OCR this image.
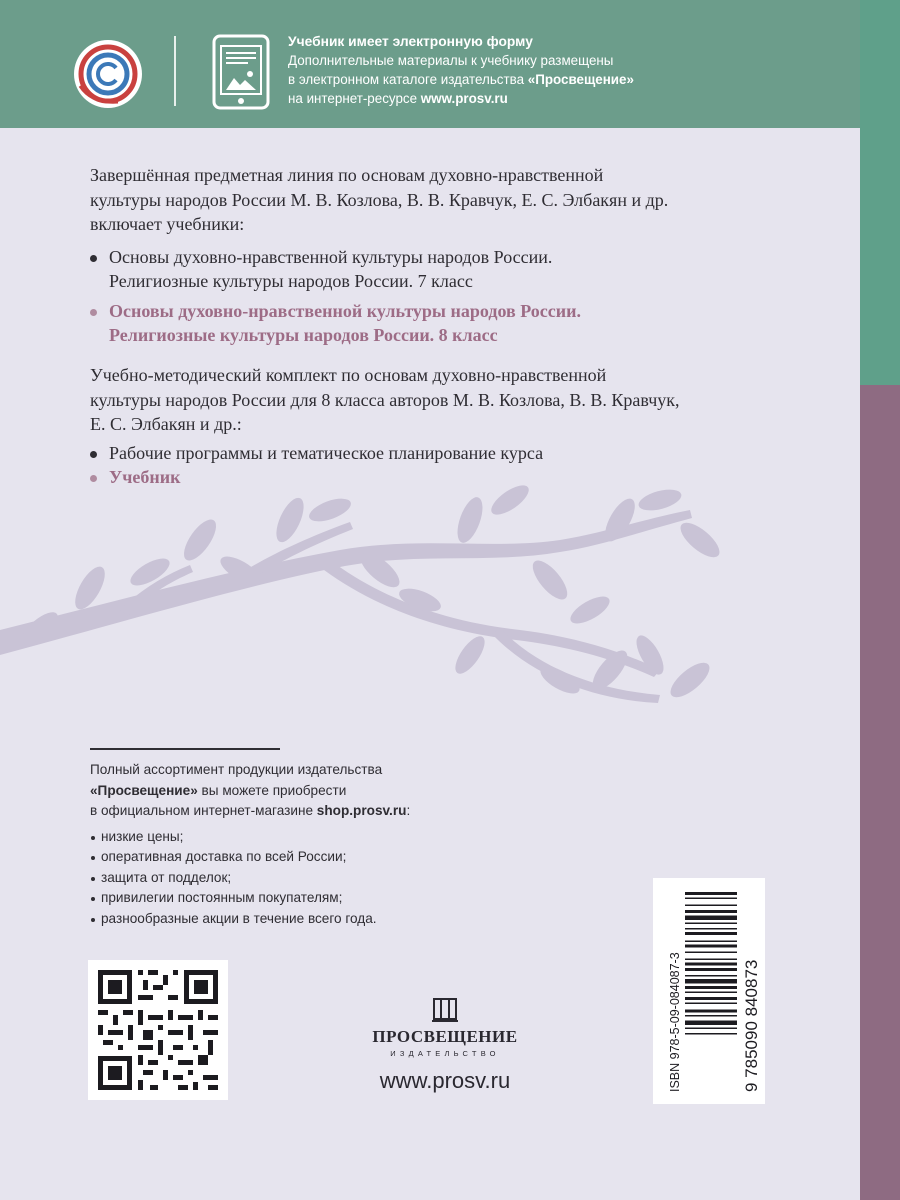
Учебник имеет электронную форму
Дополнительные материалы к учебнику размещены
в электронном каталоге издательства «Просвещение»
на интернет-ресурсе www.prosv.ru

Завершённая предметная линия по основам духовно-нравственной

культуры народов России М. В. Козлова, В. В. Кравчук, Е. С. Элбакян и др.

включает учебники:

Основы духовно-нравственной культуры народов России.
Религиозные культуры народов России. 7 класс
Основы духовно-нравственной культуры народов России.
Религиозные культуры народов России. 8 класс

Учебно-методический комплект по основам духовно-нравственной

культуры народов России для 8 класса авторов М. В. Козлова, В. В. Кравчук,

Е. С. Элбакян и др.:

Рабочие программы и тематическое планирование курса
Учебник
Полный ассортимент продукции издательства
«Просвещение» вы можете приобрести
в официальном интернет-магазине shop.prosv.ru:
низкие цены;
оперативная доставка по всей России;
защита от подделок;
привилегии постоянным покупателям;
разнообразные акции в течение всего года.
ПРОСВЕЩЕНИЕ
ИЗДАТЕЛЬСТВО
www.prosv.ru	ISBN 978-5-09-084087-3	9 785090 840873
